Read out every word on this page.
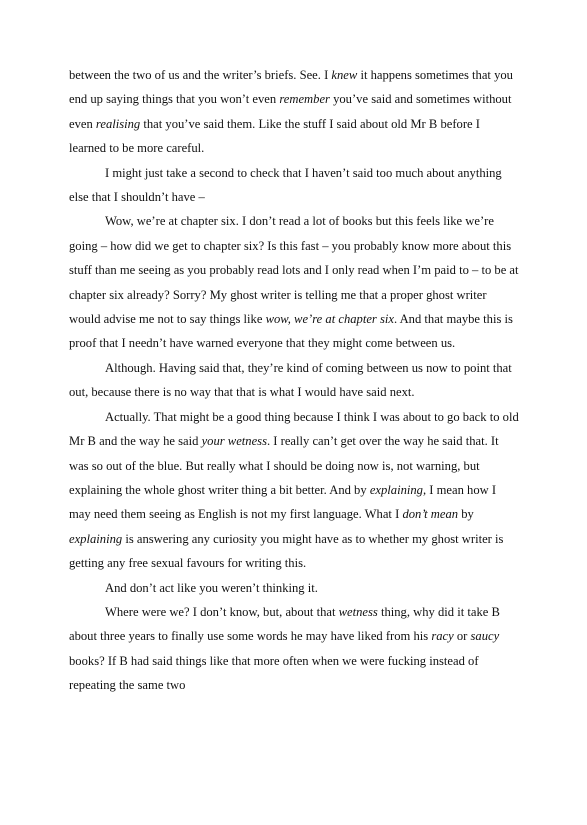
between the two of us and the writer’s briefs. See. I knew it happens sometimes that you end up saying things that you won’t even remember you’ve said and sometimes without even realising that you’ve said them. Like the stuff I said about old Mr B before I learned to be more careful.

I might just take a second to check that I haven’t said too much about anything else that I shouldn’t have –

Wow, we’re at chapter six. I don’t read a lot of books but this feels like we’re going – how did we get to chapter six? Is this fast – you probably know more about this stuff than me seeing as you probably read lots and I only read when I’m paid to – to be at chapter six already? Sorry? My ghost writer is telling me that a proper ghost writer would advise me not to say things like wow, we’re at chapter six. And that maybe this is proof that I needn’t have warned everyone that they might come between us.

Although. Having said that, they’re kind of coming between us now to point that out, because there is no way that that is what I would have said next.

Actually. That might be a good thing because I think I was about to go back to old Mr B and the way he said your wetness. I really can’t get over the way he said that. It was so out of the blue. But really what I should be doing now is, not warning, but explaining the whole ghost writer thing a bit better. And by explaining, I mean how I may need them seeing as English is not my first language. What I don’t mean by explaining is answering any curiosity you might have as to whether my ghost writer is getting any free sexual favours for writing this.

And don’t act like you weren’t thinking it.

Where were we? I don’t know, but, about that wetness thing, why did it take B about three years to finally use some words he may have liked from his racy or saucy books? If B had said things like that more often when we were fucking instead of repeating the same two
